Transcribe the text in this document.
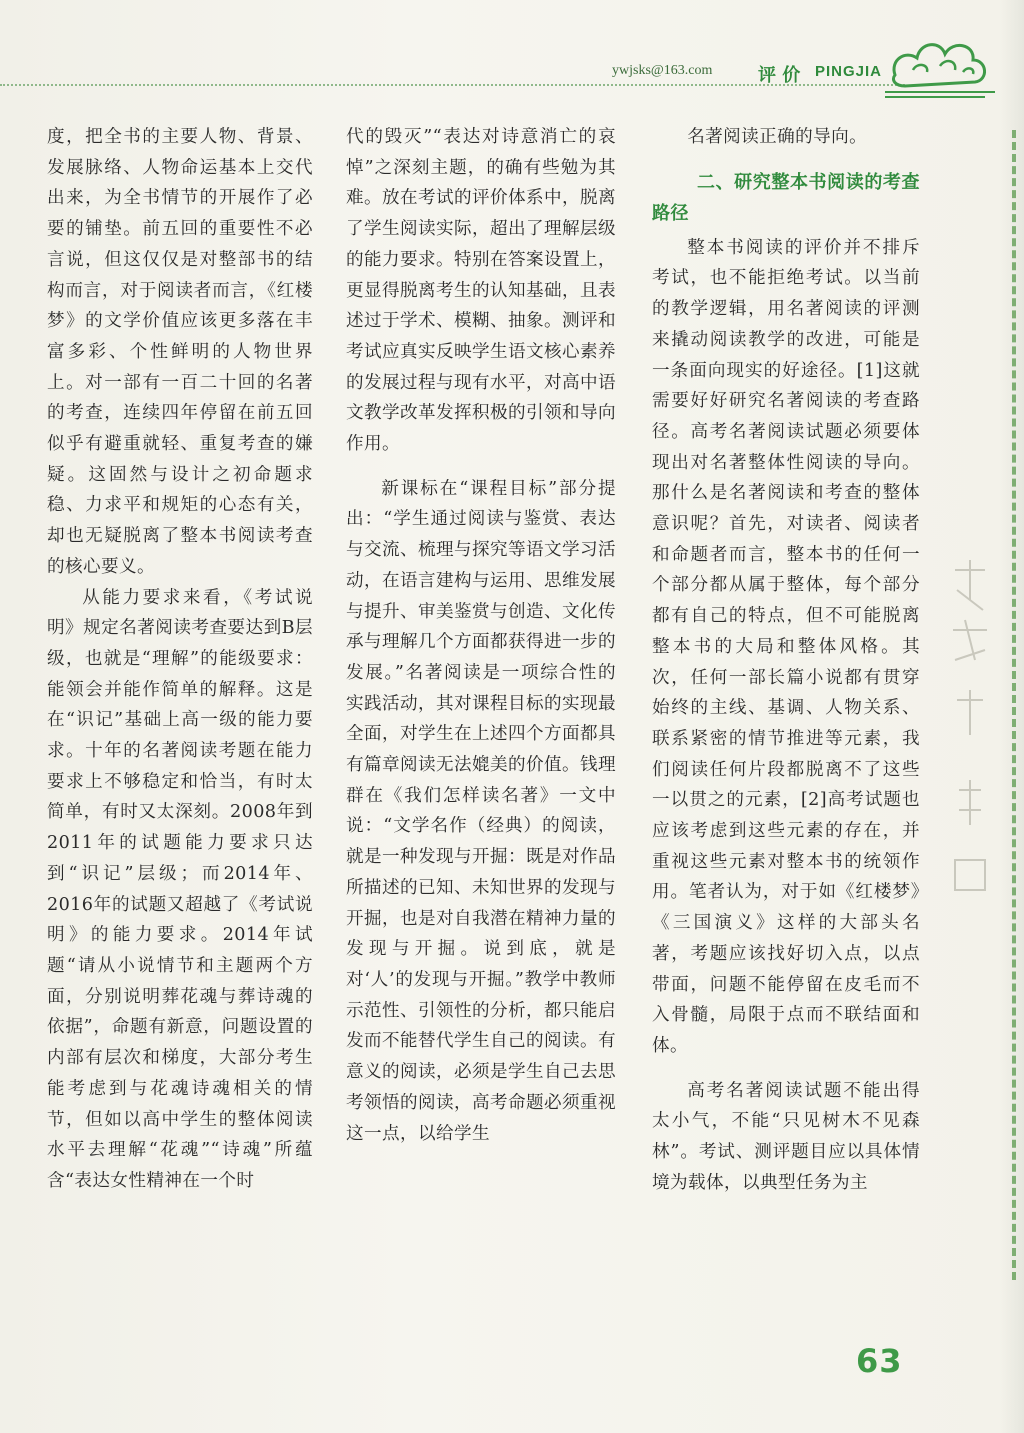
ywjsks@163.com	评 价 PINGJIA

度，把全书的主要人物、背景、发展脉络、人物命运基本上交代出来，为全书情节的开展作了必要的铺垫。前五回的重要性不必言说，但这仅仅是对整部书的结构而言，对于阅读者而言，《红楼梦》的文学价值应该更多落在丰富多彩、个性鲜明的人物世界上。对一部有一百二十回的名著的考查，连续四年停留在前五回似乎有避重就轻、重复考查的嫌疑。这固然与设计之初命题求稳、力求平和规矩的心态有关，却也无疑脱离了整本书阅读考查的核心要义。

从能力要求来看，《考试说明》规定名著阅读考查要达到B层级，也就是“理解”的能级要求：能领会并能作简单的解释。这是在“识记”基础上高一级的能力要求。十年的名著阅读考题在能力要求上不够稳定和恰当，有时太简单，有时又太深刻。2008年到2011年的试题能力要求只达到“识记”层级；而2014年、2016年的试题又超越了《考试说明》的能力要求。2014年试题“请从小说情节和主题两个方面，分别说明葬花魂与葬诗魂的依据”，命题有新意，问题设置的内部有层次和梯度，大部分考生能考虑到与花魂诗魂相关的情节，但如以高中学生的整体阅读水平去理解“花魂”“诗魂”所蕴含“表达女性精神在一个时

代的毁灭”“表达对诗意消亡的哀悼”之深刻主题，的确有些勉为其难。放在考试的评价体系中，脱离了学生阅读实际，超出了理解层级的能力要求。特别在答案设置上，更显得脱离考生的认知基础，且表述过于学术、模糊、抽象。测评和考试应真实反映学生语文核心素养的发展过程与现有水平，对高中语文教学改革发挥积极的引领和导向作用。

新课标在“课程目标”部分提出：“学生通过阅读与鉴赏、表达与交流、梳理与探究等语文学习活动，在语言建构与运用、思维发展与提升、审美鉴赏与创造、文化传承与理解几个方面都获得进一步的发展。”名著阅读是一项综合性的实践活动，其对课程目标的实现最全面，对学生在上述四个方面都具有篇章阅读无法媲美的价值。钱理群在《我们怎样读名著》一文中说：“文学名作（经典）的阅读，就是一种发现与开掘：既是对作品所描述的已知、未知世界的发现与开掘，也是对自我潜在精神力量的发现与开掘。说到底，就是对‘人’的发现与开掘。”教学中教师示范性、引领性的分析，都只能启发而不能替代学生自己的阅读。有意义的阅读，必须是学生自己去思考领悟的阅读，高考命题必须重视这一点，以给学生

名著阅读正确的导向。

二、研究整本书阅读的考查路径

整本书阅读的评价并不排斥考试，也不能拒绝考试。以当前的教学逻辑，用名著阅读的评测来撬动阅读教学的改进，可能是一条面向现实的好途径。[1]这就需要好好研究名著阅读的考查路径。高考名著阅读试题必须要体现出对名著整体性阅读的导向。那什么是名著阅读和考查的整体意识呢？首先，对读者、阅读者和命题者而言，整本书的任何一个部分都从属于整体，每个部分都有自己的特点，但不可能脱离整本书的大局和整体风格。其次，任何一部长篇小说都有贯穿始终的主线、基调、人物关系、联系紧密的情节推进等元素，我们阅读任何片段都脱离不了这些一以贯之的元素，[2]高考试题也应该考虑到这些元素的存在，并重视这些元素对整本书的统领作用。笔者认为，对于如《红楼梦》《三国演义》这样的大部头名著，考题应该找好切入点，以点带面，问题不能停留在皮毛而不入骨髓，局限于点而不联结面和体。

高考名著阅读试题不能出得太小气，不能“只见树木不见森林”。考试、测评题目应以具体情境为载体，以典型任务为主

63
